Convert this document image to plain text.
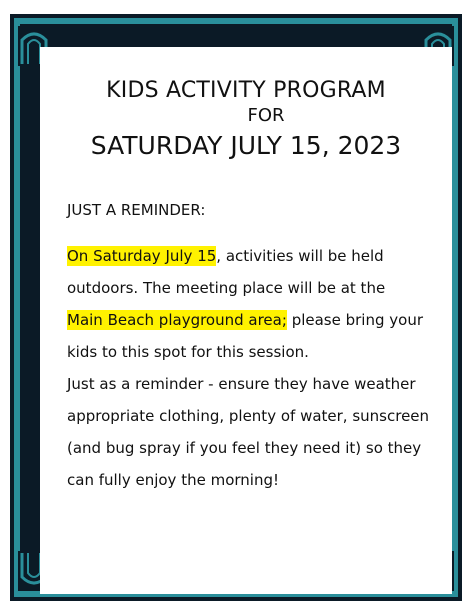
KIDS ACTIVITY PROGRAM
FOR
SATURDAY JULY 15, 2023
JUST A REMINDER:
On Saturday July 15, activities will be held
outdoors. The meeting place will be at the
Main Beach playground area; please bring your
kids to this spot for this session.
Just as a reminder - ensure they have weather
appropriate clothing, plenty of water, sunscreen
(and bug spray if you feel they need it) so they
can fully enjoy the morning!
